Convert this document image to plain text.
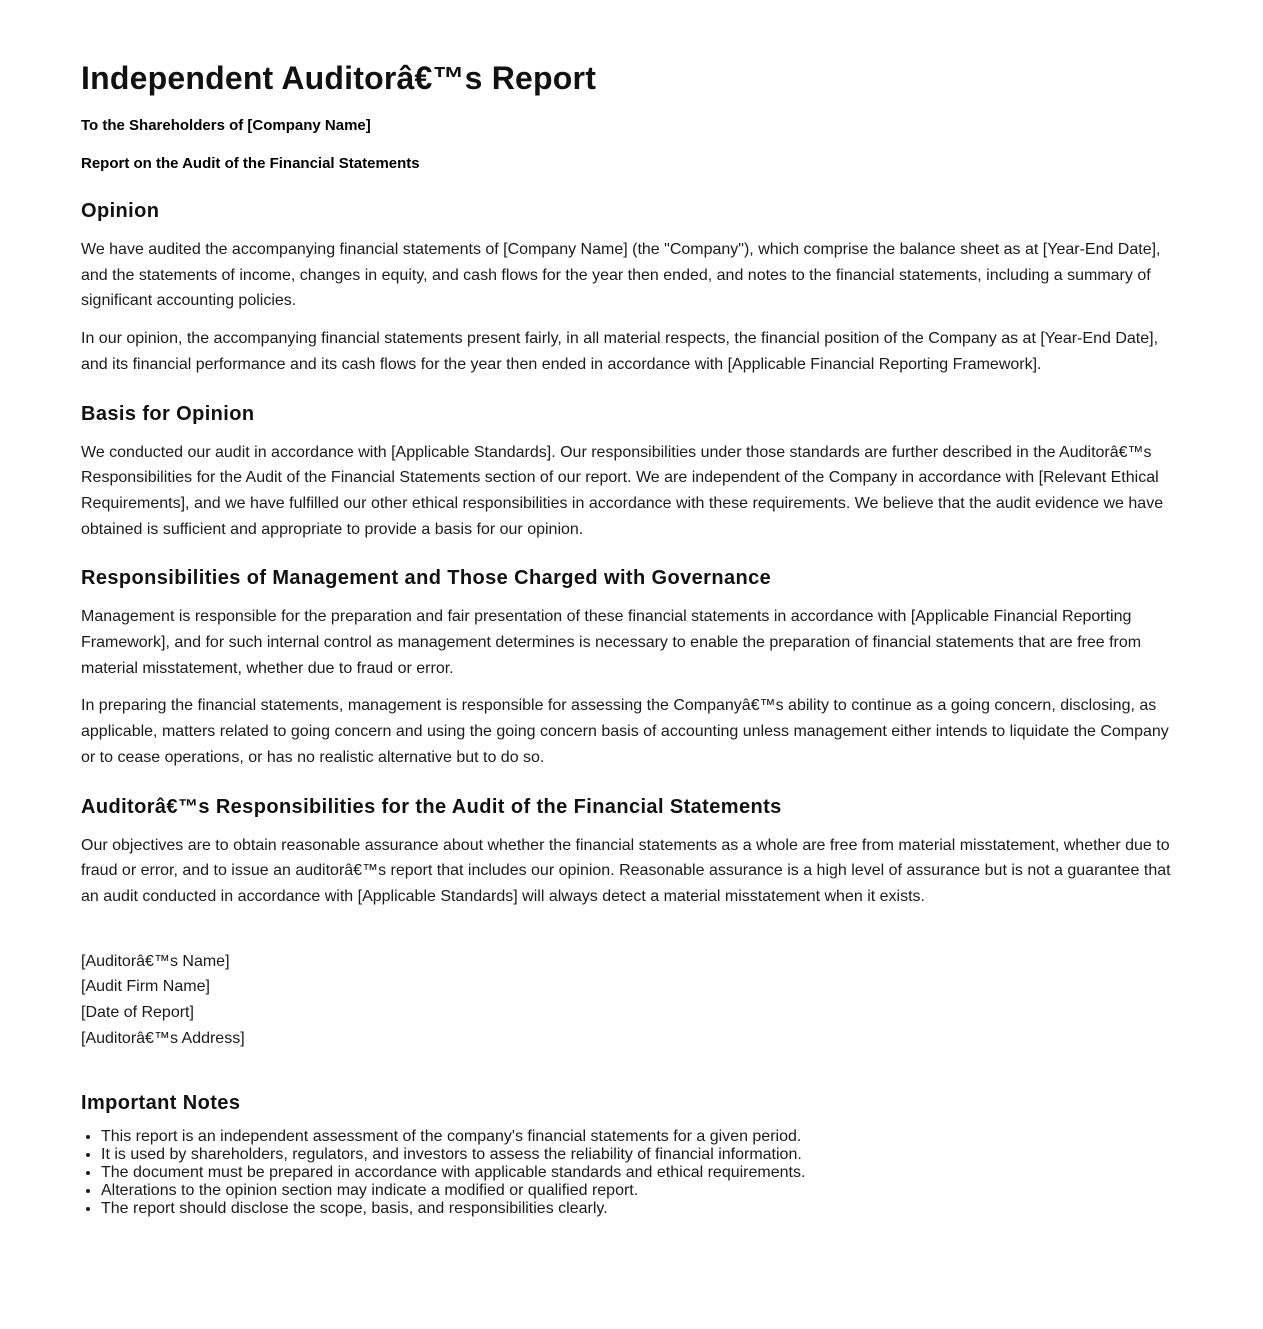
Independent Auditorâ€™s Report

To the Shareholders of [Company Name]

Report on the Audit of the Financial Statements

Opinion

We have audited the accompanying financial statements of [Company Name] (the "Company"), which comprise the balance sheet as at [Year-End Date], and the statements of income, changes in equity, and cash flows for the year then ended, and notes to the financial statements, including a summary of significant accounting policies.

In our opinion, the accompanying financial statements present fairly, in all material respects, the financial position of the Company as at [Year-End Date], and its financial performance and its cash flows for the year then ended in accordance with [Applicable Financial Reporting Framework].

Basis for Opinion

We conducted our audit in accordance with [Applicable Standards]. Our responsibilities under those standards are further described in the Auditorâ€™s Responsibilities for the Audit of the Financial Statements section of our report. We are independent of the Company in accordance with [Relevant Ethical Requirements], and we have fulfilled our other ethical responsibilities in accordance with these requirements. We believe that the audit evidence we have obtained is sufficient and appropriate to provide a basis for our opinion.

Responsibilities of Management and Those Charged with Governance

Management is responsible for the preparation and fair presentation of these financial statements in accordance with [Applicable Financial Reporting Framework], and for such internal control as management determines is necessary to enable the preparation of financial statements that are free from material misstatement, whether due to fraud or error.

In preparing the financial statements, management is responsible for assessing the Companyâ€™s ability to continue as a going concern, disclosing, as applicable, matters related to going concern and using the going concern basis of accounting unless management either intends to liquidate the Company or to cease operations, or has no realistic alternative but to do so.

Auditorâ€™s Responsibilities for the Audit of the Financial Statements

Our objectives are to obtain reasonable assurance about whether the financial statements as a whole are free from material misstatement, whether due to fraud or error, and to issue an auditorâ€™s report that includes our opinion. Reasonable assurance is a high level of assurance but is not a guarantee that an audit conducted in accordance with [Applicable Standards] will always detect a material misstatement when it exists.

[Auditorâ€™s Name]

[Audit Firm Name]

[Date of Report]

[Auditorâ€™s Address]

Important Notes
• This report is an independent assessment of the company's financial statements for a given period.
• It is used by shareholders, regulators, and investors to assess the reliability of financial information.
• The document must be prepared in accordance with applicable standards and ethical requirements.
• Alterations to the opinion section may indicate a modified or qualified report.
• The report should disclose the scope, basis, and responsibilities clearly.
